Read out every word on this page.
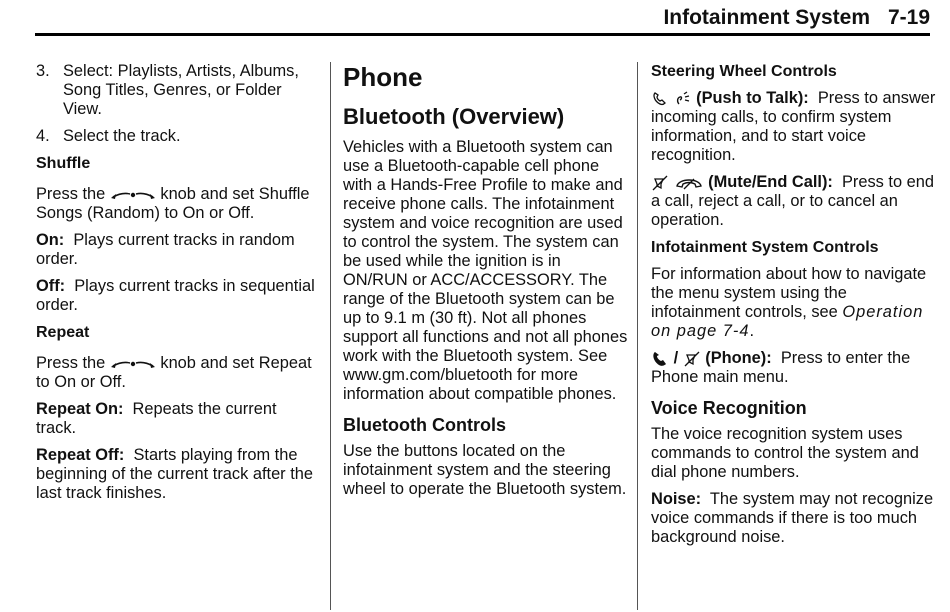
Infotainment System 7-19
3. Select: Playlists, Artists, Albums, Song Titles, Genres, or Folder View.
4. Select the track.
Shuffle

Press the	knob and set Shuffle Songs (Random) to On or Off.

On: Plays current tracks in random order.

Off: Plays current tracks in sequential order.

Repeat

Press the	knob and set Repeat to On or Off.

Repeat On: Repeats the current track.

Repeat Off: Starts playing from the beginning of the current track after the last track finishes.

Phone
Bluetooth (Overview)

Vehicles with a Bluetooth system can use a Bluetooth-capable cell phone with a Hands-Free Profile to make and receive phone calls. The infotainment system and voice recognition are used to control the system. The system can be used while the ignition is in ON/RUN or ACC/ACCESSORY. The range of the Bluetooth system can be up to 9.1 m (30 ft). Not all phones support all functions and not all phones work with the Bluetooth system. See www.gm.com/bluetooth for more information about compatible phones.

Bluetooth Controls

Use the buttons located on the infotainment system and the steering wheel to operate the Bluetooth system.

Steering Wheel Controls

(Push to Talk): Press to answer incoming calls, to confirm system information, and to start voice recognition.

(Mute/End Call): Press to end a call, reject a call, or to cancel an operation.

Infotainment System Controls

For information about how to navigate the menu system using the infotainment controls, see Operation on page 7-4.

/ (Phone): Press to enter the Phone main menu.

Voice Recognition

The voice recognition system uses commands to control the system and dial phone numbers.

Noise: The system may not recognize voice commands if there is too much background noise.
